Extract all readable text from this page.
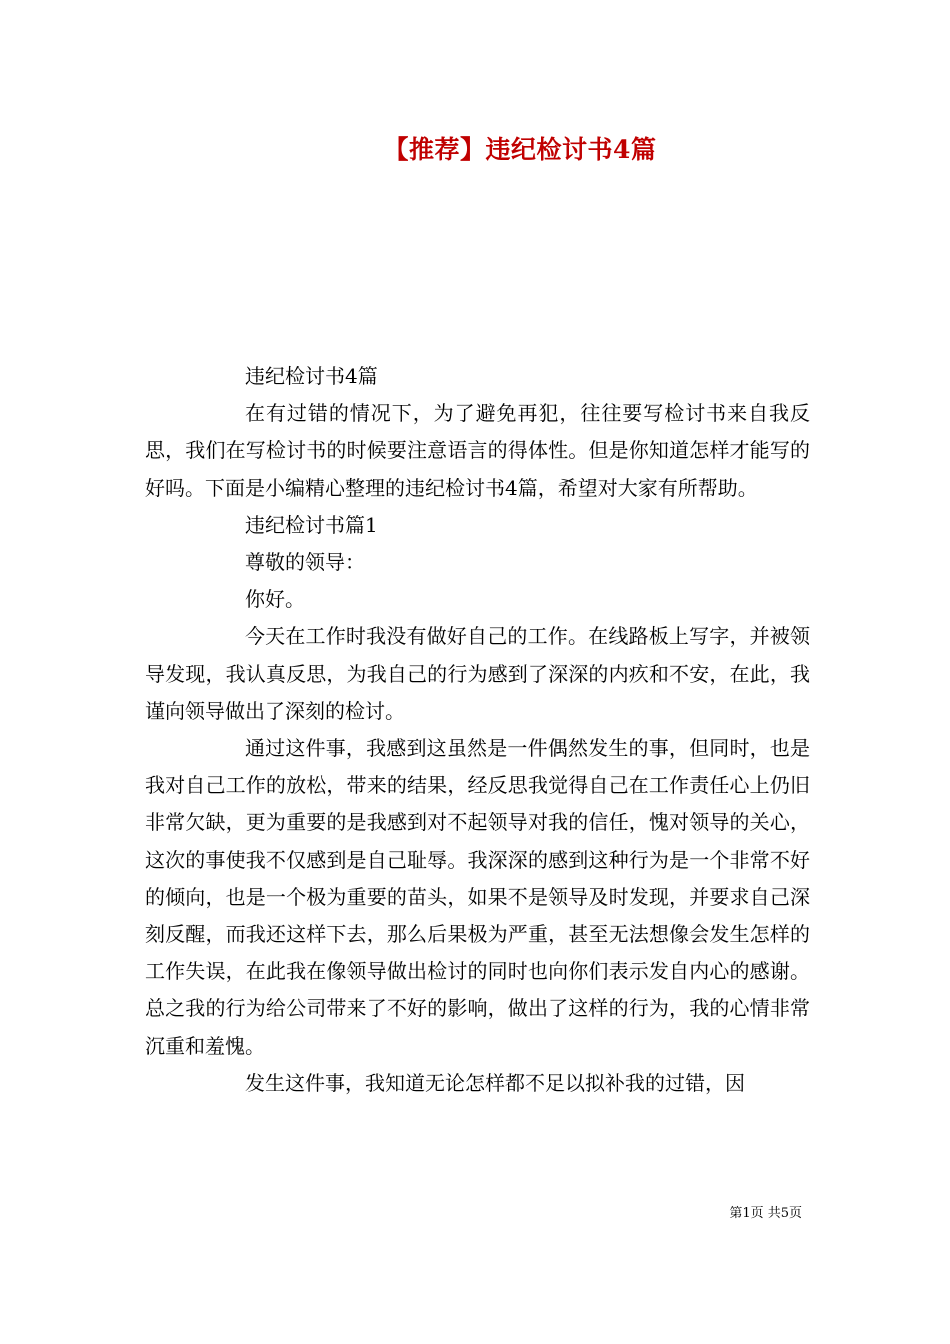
【推荐】违纪检讨书4篇

违纪检讨书4篇

在有过错的情况下，为了避免再犯，往往要写检讨书来自我反思，我们在写检讨书的时候要注意语言的得体性。但是你知道怎样才能写的好吗。下面是小编精心整理的违纪检讨书4篇，希望对大家有所帮助。

违纪检讨书篇1

尊敬的领导：

你好。

今天在工作时我没有做好自己的工作。在线路板上写字，并被领导发现，我认真反思，为我自己的行为感到了深深的内疚和不安，在此，我谨向领导做出了深刻的检讨。

通过这件事，我感到这虽然是一件偶然发生的事，但同时，也是我对自己工作的放松，带来的结果，经反思我觉得自己在工作责任心上仍旧非常欠缺，更为重要的是我感到对不起领导对我的信任，愧对领导的关心，这次的事使我不仅感到是自己耻辱。我深深的感到这种行为是一个非常不好的倾向，也是一个极为重要的苗头，如果不是领导及时发现，并要求自己深刻反醒，而我还这样下去，那么后果极为严重，甚至无法想像会发生怎样的工作失误，在此我在像领导做出检讨的同时也向你们表示发自内心的感谢。总之我的行为给公司带来了不好的影响，做出了这样的行为，我的心情非常沉重和羞愧。

发生这件事，我知道无论怎样都不足以拟补我的过错，因

第1页 共5页
